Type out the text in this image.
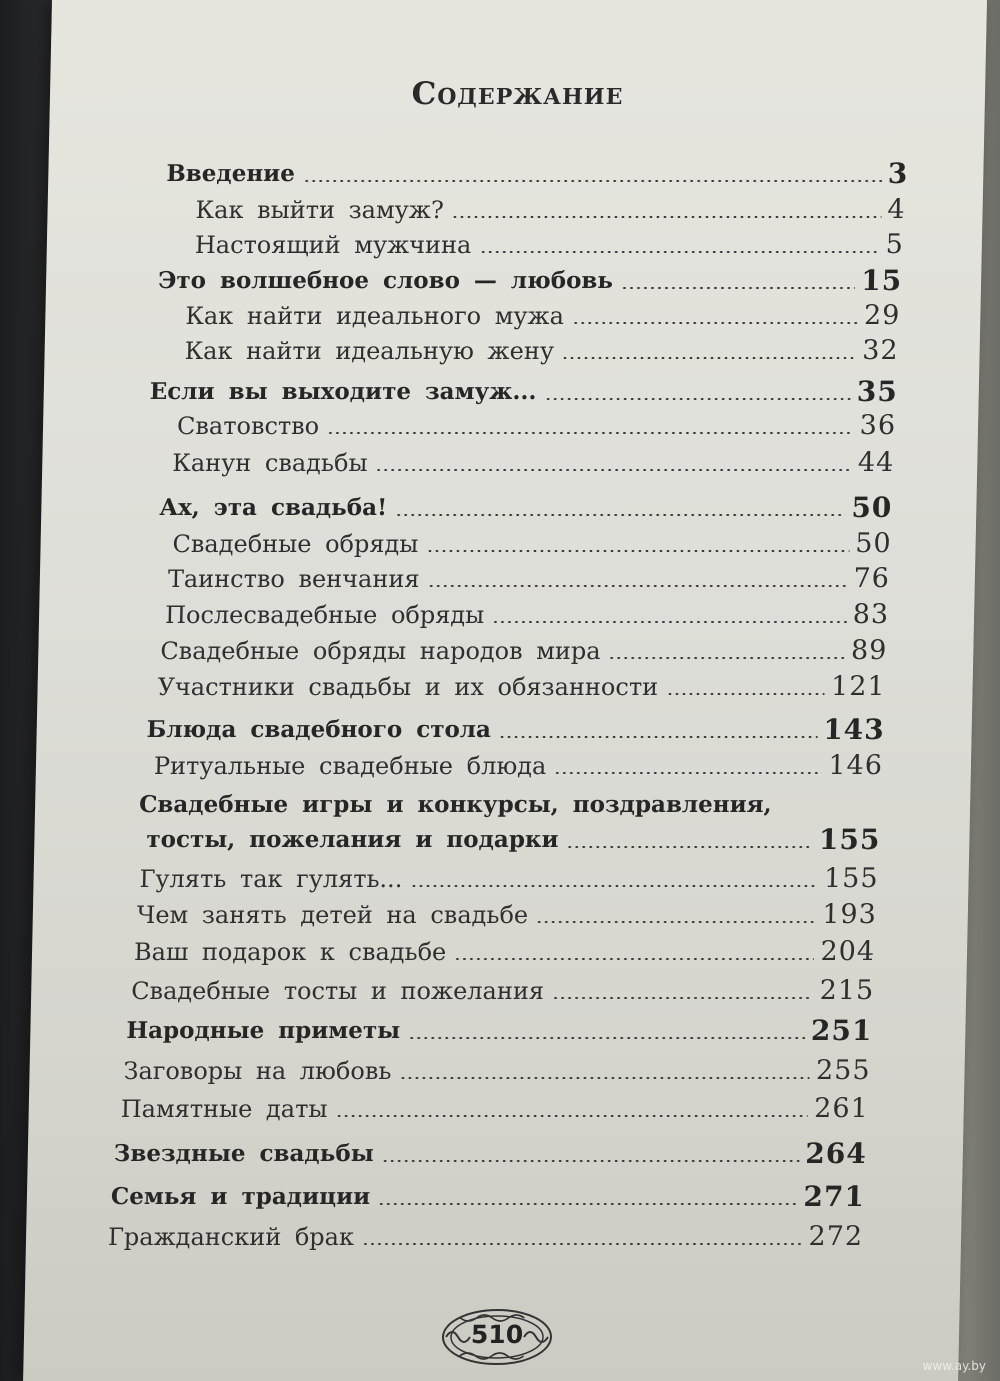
Содержание
Введение	3
Как выйти замуж?	4
Настоящий мужчина	5
Это волшебное слово — любовь	15
Как найти идеального мужа	29
Как найти идеальную жену	32
Если вы выходите замуж...	35
Сватовство	36
Канун свадьбы	44
Ах, эта свадьба!	50
Свадебные обряды	50
Таинство венчания	76
Послесвадебные обряды	83
Свадебные обряды народов мира	89
Участники свадьбы и их обязанности	121
Блюда свадебного стола	143
Ритуальные свадебные блюда	146
Свадебные игры и конкурсы, поздравления,
тосты, пожелания и подарки	155
Гулять так гулять...	155
Чем занять детей на свадьбе	193
Ваш подарок к свадьбе	204
Свадебные тосты и пожелания	215
Народные приметы	251
Заговоры на любовь	255
Памятные даты	261
Звездные свадьбы	264
Семья и традиции	271
Гражданский брак	272
510
www.ay.by
